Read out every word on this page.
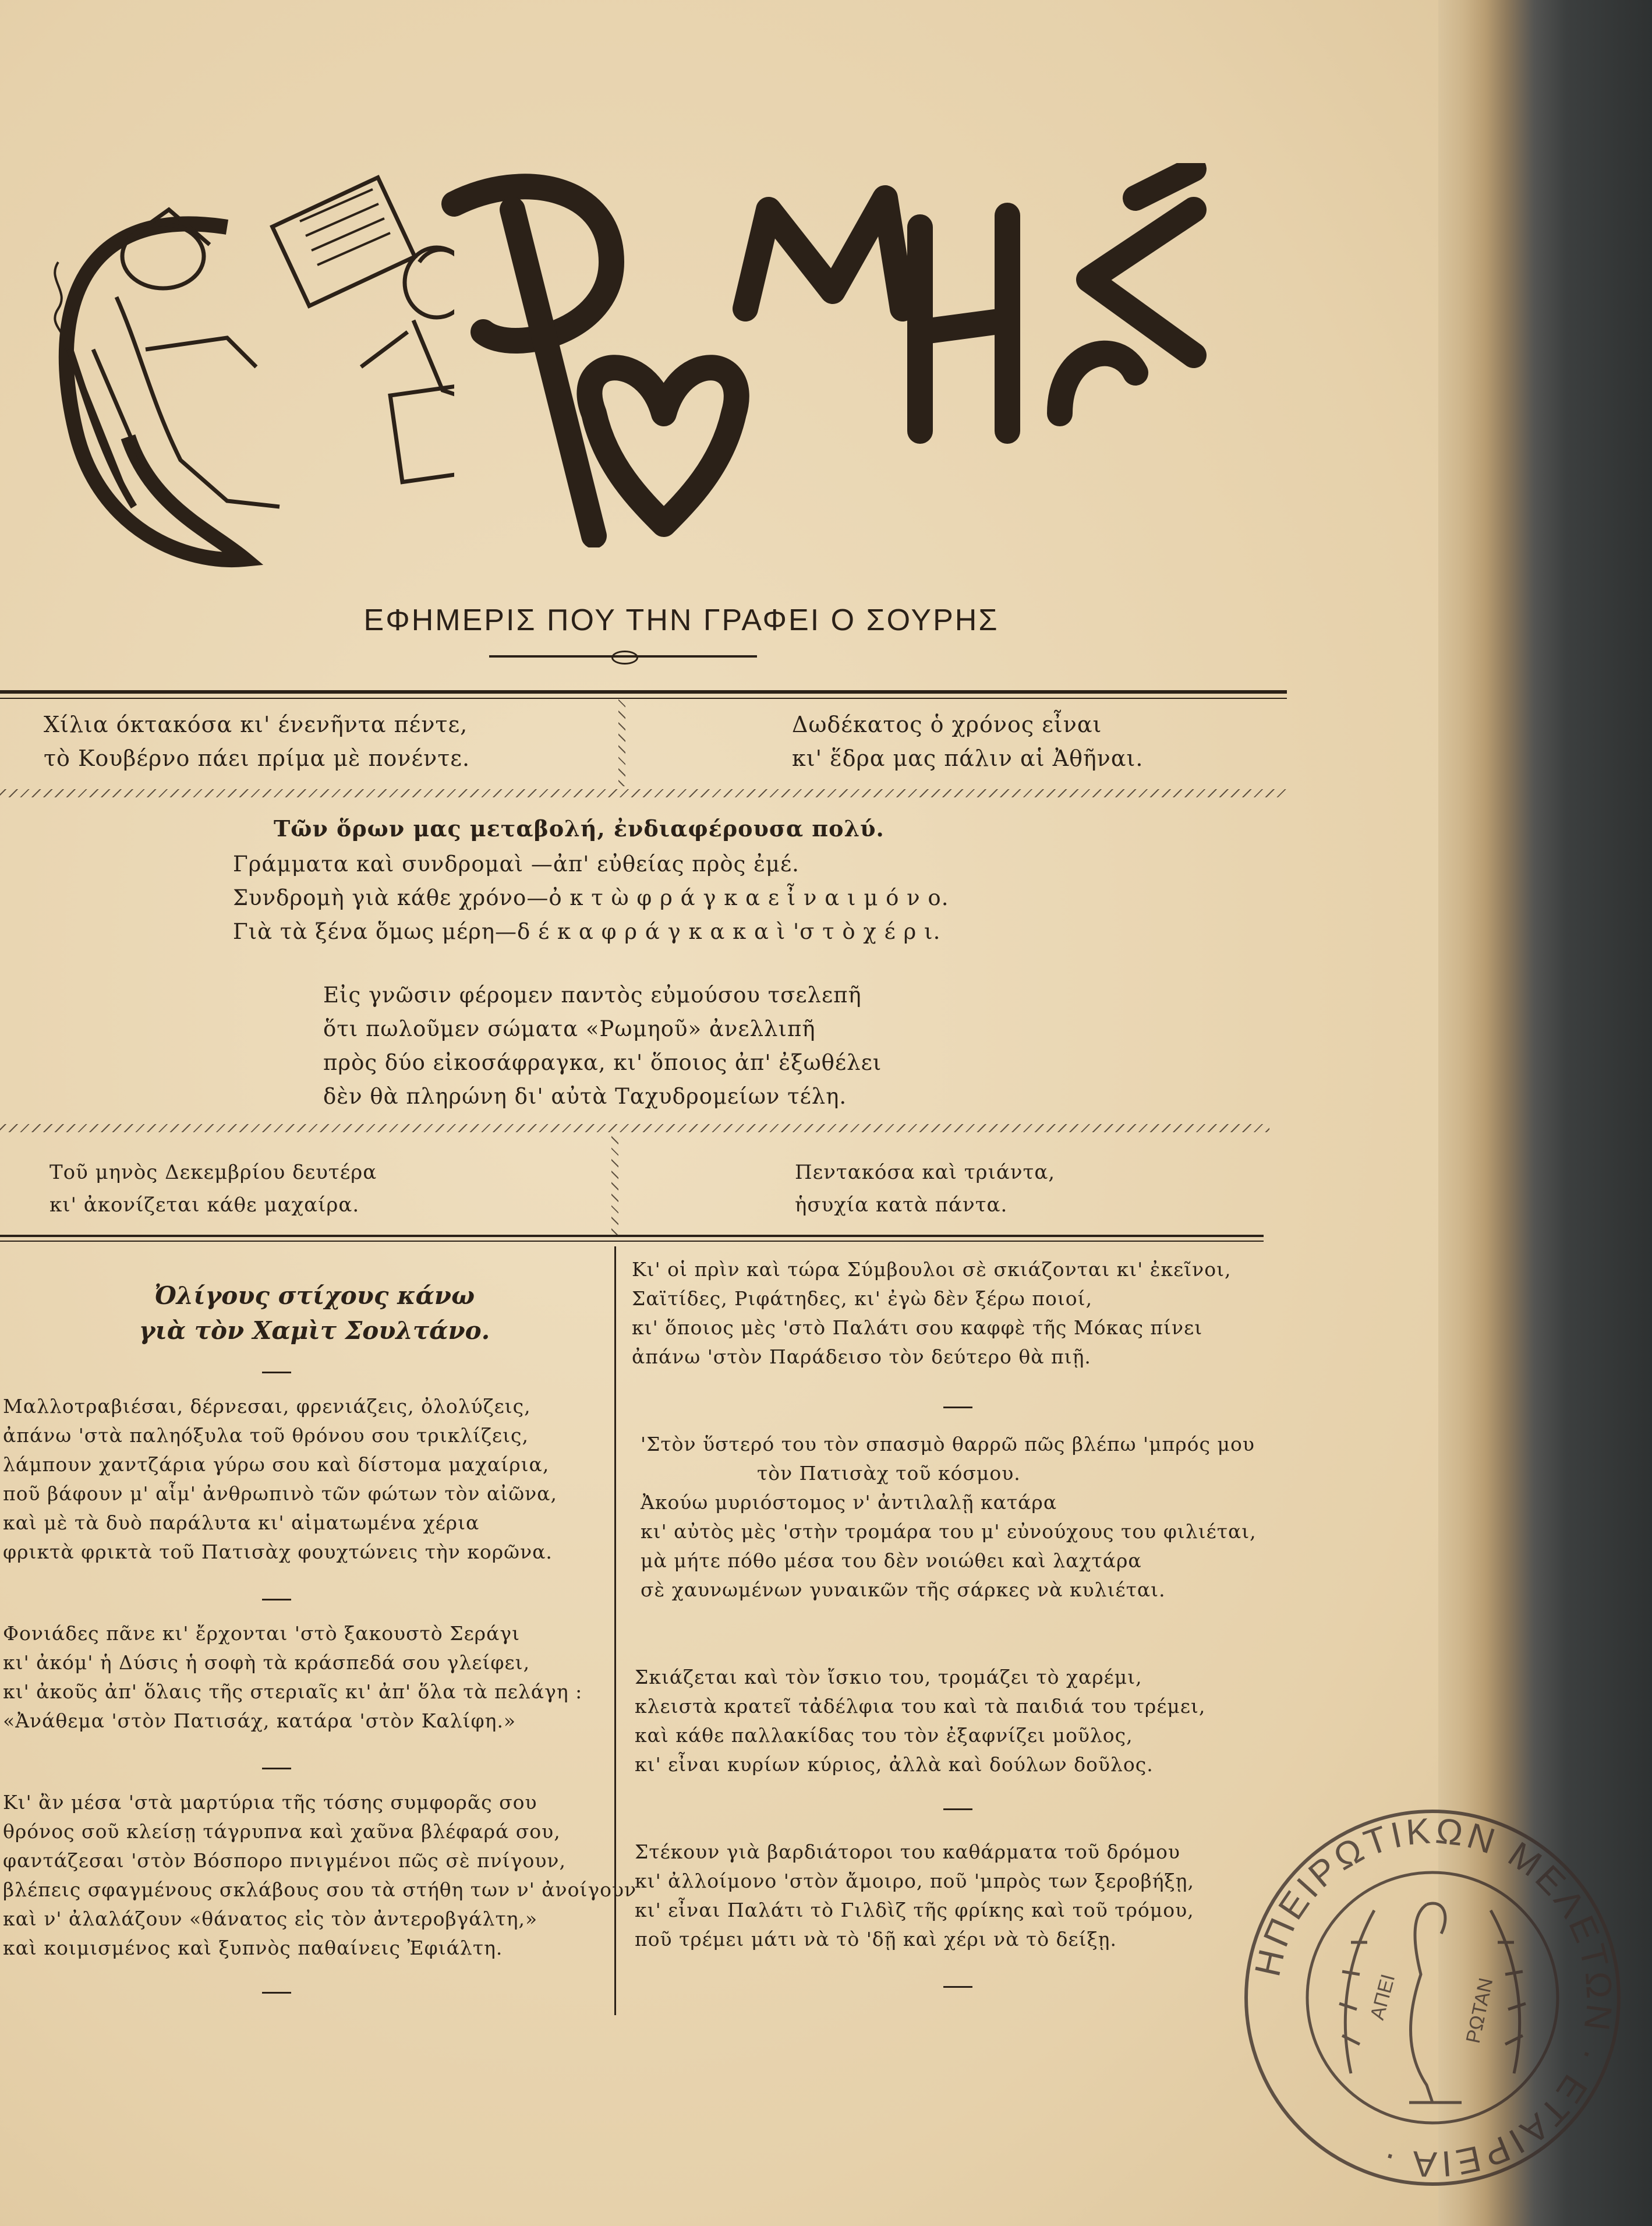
ΕΦΗΜΕΡΙΣ ΠΟΥ ΤΗΝ ΓΡΑΦΕΙ Ο ΣΟΥΡΗΣ
Χίλια όκτακόσα κι' ένενῆντα πέντε,
τὸ Κουβέρνο πάει πρίμα μὲ πονέντε.
Δωδέκατος ὁ χρόνος εἶναι
κι' ἕδρα μας πάλιν αἱ Ἀθῆναι.
Τῶν ὅρων μας μεταβολή, ἐνδιαφέρουσα πολύ.
Γράμματα καὶ συνδρομαὶ —ἀπ' εὐθείας πρὸς ἐμέ.
Συνδρομὴ γιὰ κάθε χρόνο—ὀ κ τ ὼ φ ρ ά γ κ α ε ἶ ν α ι μ ό ν ο.
Γιὰ τὰ ξένα ὅμως μέρη—δ έ κ α φ ρ ά γ κ α κ α ὶ 'σ τ ὸ χ έ ρ ι.
Εἰς γνῶσιν φέρομεν παντὸς εὐμούσου τσελεπῆ
ὅτι πωλοῦμεν σώματα «Ρωμηοῦ» ἀνελλιπῆ
πρὸς δύο εἰκοσάφραγκα, κι' ὅποιος ἀπ' ἐξωθέλει
δὲν θὰ πληρώνη δι' αὐτὰ Ταχυδρομείων τέλη.
Τοῦ μηνὸς Δεκεμβρίου δευτέρα
κι' ἀκονίζεται κάθε μαχαίρα.
Πεντακόσα καὶ τριάντα,
ἡσυχία κατὰ πάντα.
Ὀλίγους στίχους κάνω
γιὰ τὸν Χαμὶτ Σουλτάνο.
Μαλλοτραβιέσαι, δέρνεσαι, φρενιάζεις, ὀλολύζεις,
ἀπάνω 'στὰ παληόξυλα τοῦ θρόνου σου τρικλίζεις,
λάμπουν χαντζάρια γύρω σου καὶ δίστομα μαχαίρια,
ποῦ βάφουν μ' αἷμ' ἀνθρωπινὸ τῶν φώτων τὸν αἰῶνα,
καὶ μὲ τὰ δυὸ παράλυτα κι' αἱματωμένα χέρια
φρικτὰ φρικτὰ τοῦ Πατισὰχ φουχτώνεις τὴν κορῶνα.
Φονιάδες πᾶνε κι' ἔρχονται 'στὸ ξακουστὸ Σεράγι
κι' ἀκόμ' ἡ Δύσις ἡ σοφὴ τὰ κράσπεδά σου γλείφει,
κι' ἀκοῦς ἀπ' ὅλαις τῆς στεριαῖς κι' ἀπ' ὅλα τὰ πελάγη :
«Ἀνάθεμα 'στὸν Πατισάχ, κατάρα 'στὸν Καλίφη.»
Κι' ἂν μέσα 'στὰ μαρτύρια τῆς τόσης συμφορᾶς σου
θρόνος σοῦ κλείσῃ τάγρυπνα καὶ χαῦνα βλέφαρά σου,
φαντάζεσαι 'στὸν Βόσπορο πνιγμένοι πῶς σὲ πνίγουν,
βλέπεις σφαγμένους σκλάβους σου τὰ στήθη των ν' ἀνοίγουν
καὶ ν' ἀλαλάζουν «θάνατος εἰς τὸν ἀντεροβγάλτη,»
καὶ κοιμισμένος καὶ ξυπνὸς παθαίνεις Ἐφιάλτη.
Κι' οἱ πρὶν καὶ τώρα Σύμβουλοι σὲ σκιάζονται κι' ἐκεῖνοι,
Σαϊτίδες, Ριφάτηδες, κι' ἐγὼ δὲν ξέρω ποιοί,
κι' ὅποιος μὲς 'στὸ Παλάτι σου καφφὲ τῆς Μόκας πίνει
ἀπάνω 'στὸν Παράδεισο τὸν δεύτερο θὰ πιῇ.
'Στὸν ὕστερό του τὸν σπασμὸ θαρρῶ πῶς βλέπω 'μπρός μου
τὸν Πατισὰχ τοῦ κόσμου.
Ἀκούω μυριόστομος ν' ἀντιλαλῇ κατάρα
κι' αὐτὸς μὲς 'στὴν τρομάρα του μ' εὐνούχους του φιλιέται,
μὰ μήτε πόθο μέσα του δὲν νοιώθει καὶ λαχτάρα
σὲ χαυνωμένων γυναικῶν τῆς σάρκες νὰ κυλιέται.
Σκιάζεται καὶ τὸν ἴσκιο του, τρομάζει τὸ χαρέμι,
κλειστὰ κρατεῖ τἀδέλφια του καὶ τὰ παιδιά του τρέμει,
καὶ κάθε παλλακίδας του τὸν ἐξαφνίζει μοῦλος,
κι' εἶναι κυρίων κύριος, ἀλλὰ καὶ δούλων δοῦλος.
Στέκουν γιὰ βαρδιάτοροι του καθάρματα τοῦ δρόμου
κι' ἀλλοίμονο 'στὸν ἄμοιρο, ποῦ 'μπρὸς των ξεροβήξῃ,
κι' εἶναι Παλάτι τὸ Γιλδὶζ τῆς φρίκης καὶ τοῦ τρόμου,
ποῦ τρέμει μάτι νὰ τὸ 'δῇ καὶ χέρι νὰ τὸ δείξῃ.
ΗΠΕΙΡΩΤΙΚΩΝ ΜΕΛΕΤΩΝ · ΕΤΑΙΡΕΙΑ ·
ΑΠΕΙ	ΡΩΤΑΝ
